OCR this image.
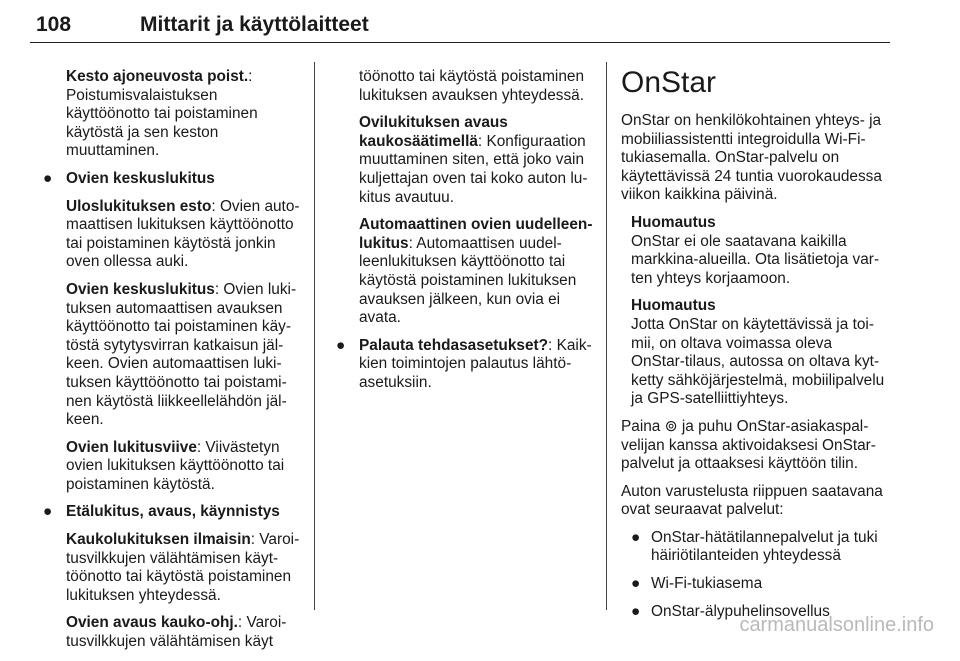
108	Mittarit ja käyttölaitteet

Kesto ajoneuvosta poist.: Poistumisvalaistuksen käyttöönotto tai poistaminen käytöstä ja sen keston muuttaminen.

● Ovien keskuslukitus

Uloslukituksen esto: Ovien automaattisen lukituksen käyttöönotto tai poistaminen käytöstä jonkin oven ollessa auki.

Ovien keskuslukitus: Ovien lukituksen automaattisen avauksen käyttöönotto tai poistaminen käytöstä sytytysvirran katkaisun jälkeen. Ovien automaattisen lukituksen käyttöönotto tai poistaminen käytöstä liikkeellelähdön jälkeen.

Ovien lukitusviive: Viivästetyn ovien lukituksen käyttöönotto tai poistaminen käytöstä.

● Etälukitus, avaus, käynnistys

Kaukolukituksen ilmaisin: Varoitusvilkkujen välähtämisen käyttöönotto tai käytöstä poistaminen lukituksen yhteydessä.

Ovien avaus kauko-ohj.: Varoitusvilkkujen välähtämisen käyt

töönotto tai käytöstä poistaminen lukituksen avauksen yhteydessä.

Ovilukituksen avaus kaukosäätimellä: Konfiguraation muuttaminen siten, että joko vain kuljettajan oven tai koko auton lukitus avautuu.

Automaattinen ovien uudelleenlukitus: Automaattisen uudelleenlukituksen käyttöönotto tai käytöstä poistaminen lukituksen avauksen jälkeen, kun ovia ei avata.

● Palauta tehdasasetukset?: Kaikkien toimintojen palautus lähtöasetuksiin.

OnStar

OnStar on henkilökohtainen yhteys- ja mobiiliassistentti integroidulla Wi-Fi-tukiasemalla. OnStar-palvelu on käytettävissä 24 tuntia vuorokaudessa viikon kaikkina päivinä.

Huomautus

OnStar ei ole saatavana kaikilla markkina-alueilla. Ota lisätietoja varten yhteys korjaamoon.

Huomautus

Jotta OnStar on käytettävissä ja toimii, on oltava voimassa oleva OnStar-tilaus, autossa on oltava kytketty sähköjärjestelmä, mobiilipalvelu ja GPS-satelliittiyhteys.

Paina ⊚ ja puhu OnStar-asiakaspalvelijan kanssa aktivoidaksesi OnStar-palvelut ja ottaaksesi käyttöön tilin.

Auton varustelusta riippuen saatavana ovat seuraavat palvelut:

● OnStar-hätätilannepalvelut ja tuki häiriötilanteiden yhteydessä

● Wi-Fi-tukiasema

● OnStar-älypuhelinsovellus

carmanualsonline.info
